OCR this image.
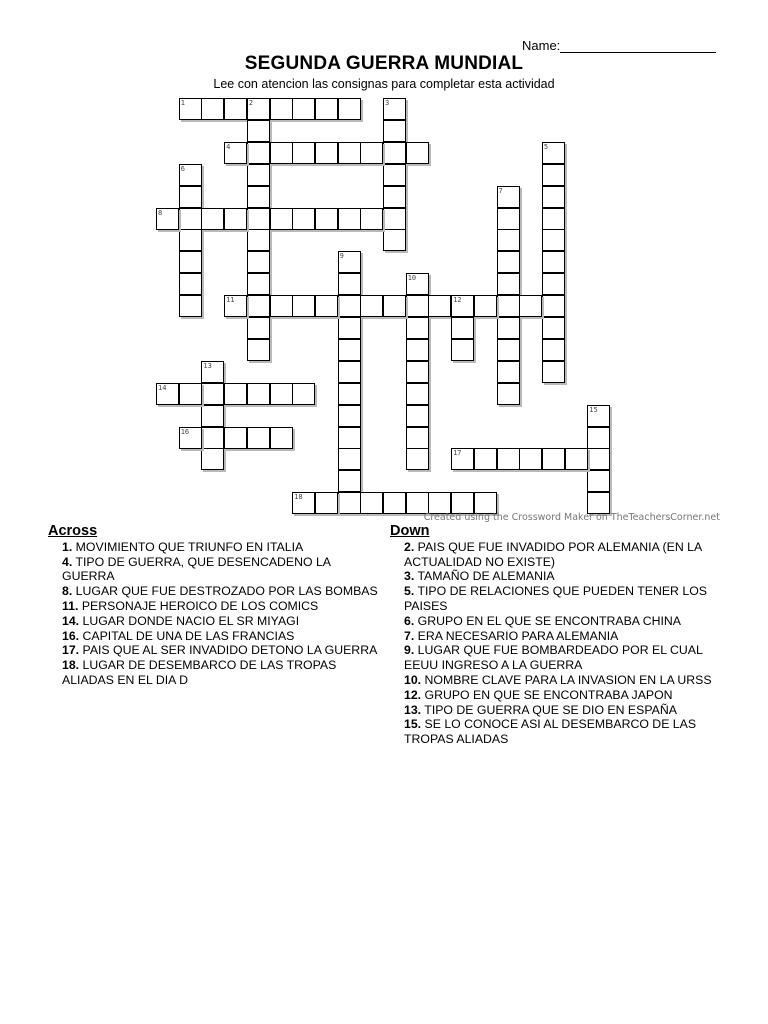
Name:
SEGUNDA GUERRA MUNDIAL
Lee con atencion las consignas para completar esta actividad
1	2	3
4	5
6
7
8
9
10
11	12
13
14
15
16
17
18
Created using the Crossword Maker on TheTeachersCorner.net
Across
1. MOVIMIENTO QUE TRIUNFO EN ITALIA
4. TIPO DE GUERRA, QUE DESENCADENO LA GUERRA
8. LUGAR QUE FUE DESTROZADO POR LAS BOMBAS
11. PERSONAJE HEROICO DE LOS COMICS
14. LUGAR DONDE NACIO EL SR MIYAGI
16. CAPITAL DE UNA DE LAS FRANCIAS
17. PAIS QUE AL SER INVADIDO DETONO LA GUERRA
18. LUGAR DE DESEMBARCO DE LAS TROPAS ALIADAS EN EL DIA D
Down
2. PAIS QUE FUE INVADIDO POR ALEMANIA (EN LA ACTUALIDAD NO EXISTE)
3. TAMAÑO DE ALEMANIA
5. TIPO DE RELACIONES QUE PUEDEN TENER LOS PAISES
6. GRUPO EN EL QUE SE ENCONTRABA CHINA
7. ERA NECESARIO PARA ALEMANIA
9. LUGAR QUE FUE BOMBARDEADO POR EL CUAL EEUU INGRESO A LA GUERRA
10. NOMBRE CLAVE PARA LA INVASION EN LA URSS
12. GRUPO EN QUE SE ENCONTRABA JAPON
13. TIPO DE GUERRA QUE SE DIO EN ESPAÑA
15. SE LO CONOCE ASI AL DESEMBARCO DE LAS TROPAS ALIADAS
